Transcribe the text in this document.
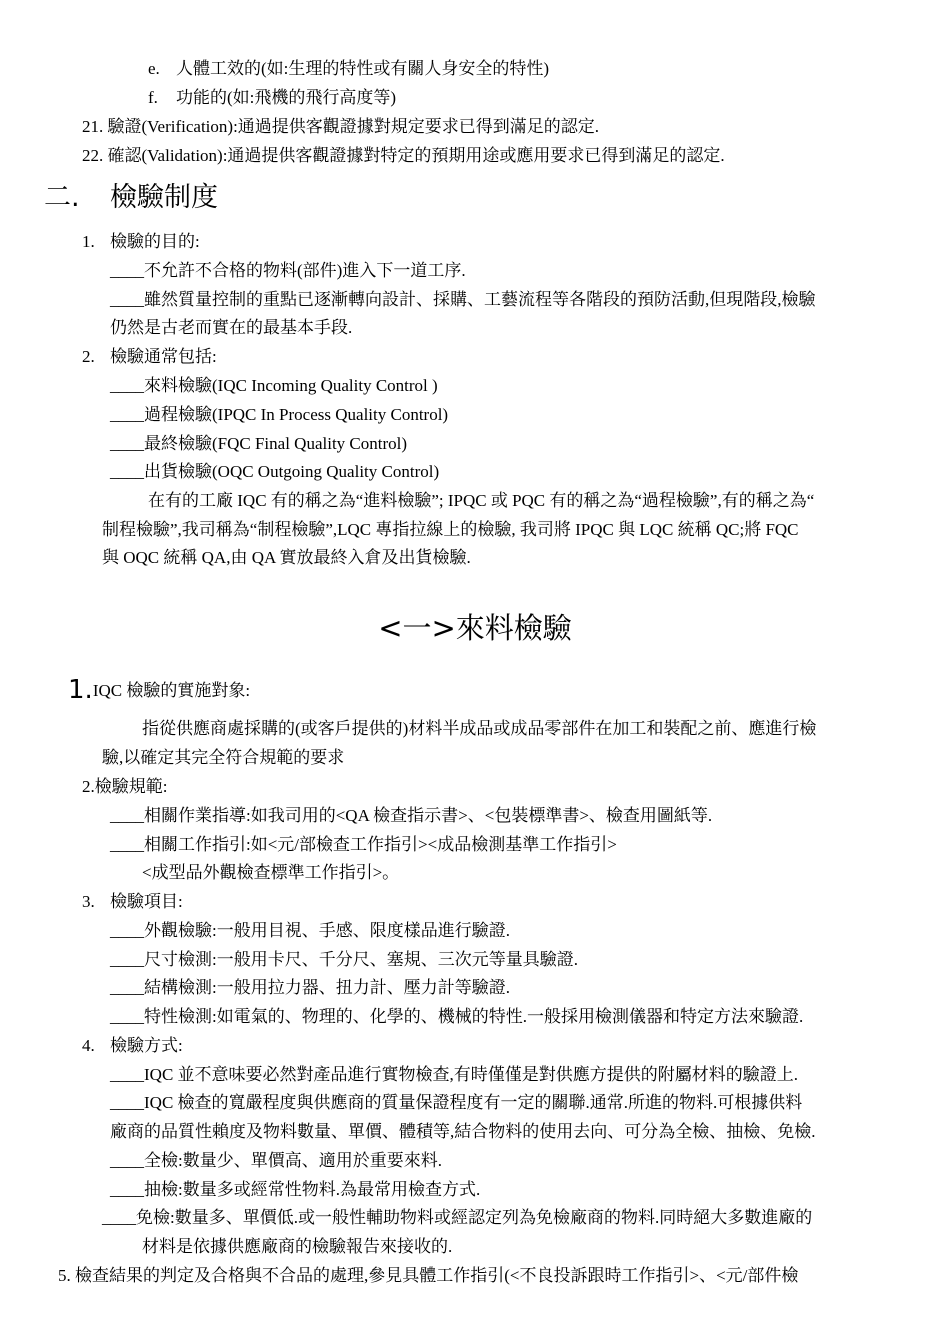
e. 人體工效的(如:生理的特性或有關人身安全的特性)
f. 功能的(如:飛機的飛行高度等)
21. 驗證(Verification):通過提供客觀證據對規定要求已得到滿足的認定.
22. 確認(Validation):通過提供客觀證據對特定的預期用途或應用要求已得到滿足的認定.
二. 檢驗制度
1. 檢驗的目的:
____不允許不合格的物料(部件)進入下一道工序.
____雖然質量控制的重點已逐漸轉向設計、採購、工藝流程等各階段的預防活動,但現階段,檢驗
仍然是古老而實在的最基本手段.
2. 檢驗通常包括:
____來料檢驗(IQC Incoming Quality Control )
____過程檢驗(IPQC In Process Quality Control)
____最終檢驗(FQC Final Quality Control)
____出貨檢驗(OQC Outgoing Quality Control)
在有的工廠 IQC 有的稱之為“進料檢驗”; IPQC 或 PQC 有的稱之為“過程檢驗”,有的稱之為“
制程檢驗”,我司稱為“制程檢驗”,LQC 專指拉線上的檢驗, 我司將 IPQC 與 LQC 統稱 QC;將 FQC
與 OQC 統稱 QA,由 QA 實放最終入倉及出貨檢驗.
<一>來料檢驗
1.IQC 檢驗的實施對象:
指從供應商處採購的(或客戶提供的)材料半成品或成品零部件在加工和裝配之前、應進行檢
驗,以確定其完全符合規範的要求
2.檢驗規範:
____相關作業指導:如我司用的<QA 檢查指示書>、<包裝標準書>、檢查用圖紙等.
____相關工作指引:如<元/部檢查工作指引><成品檢測基準工作指引>
<成型品外觀檢查標準工作指引>。
3. 檢驗項目:
____外觀檢驗:一般用目視、手感、限度樣品進行驗證.
____尺寸檢測:一般用卡尺、千分尺、塞規、三次元等量具驗證.
____結構檢測:一般用拉力器、扭力計、壓力計等驗證.
____特性檢測:如電氣的、物理的、化學的、機械的特性.一般採用檢測儀器和特定方法來驗證.
4. 檢驗方式:
____IQC 並不意味要必然對產品進行實物檢查,有時僅僅是對供應方提供的附屬材料的驗證上.
____IQC 檢查的寬嚴程度與供應商的質量保證程度有一定的關聯.通常.所進的物料.可根據供料
廠商的品質性賴度及物料數量、單價、體積等,結合物料的使用去向、可分為全檢、抽檢、免檢.
____全檢:數量少、單價高、適用於重要來料.
____抽檢:數量多或經常性物料.為最常用檢查方式.
____免檢:數量多、單價低.或一般性輔助物料或經認定列為免檢廠商的物料.同時絕大多數進廠的
材料是依據供應廠商的檢驗報告來接收的.
5. 檢查結果的判定及合格與不合品的處理,參見具體工作指引(<不良投訴跟時工作指引>、<元/部件檢
